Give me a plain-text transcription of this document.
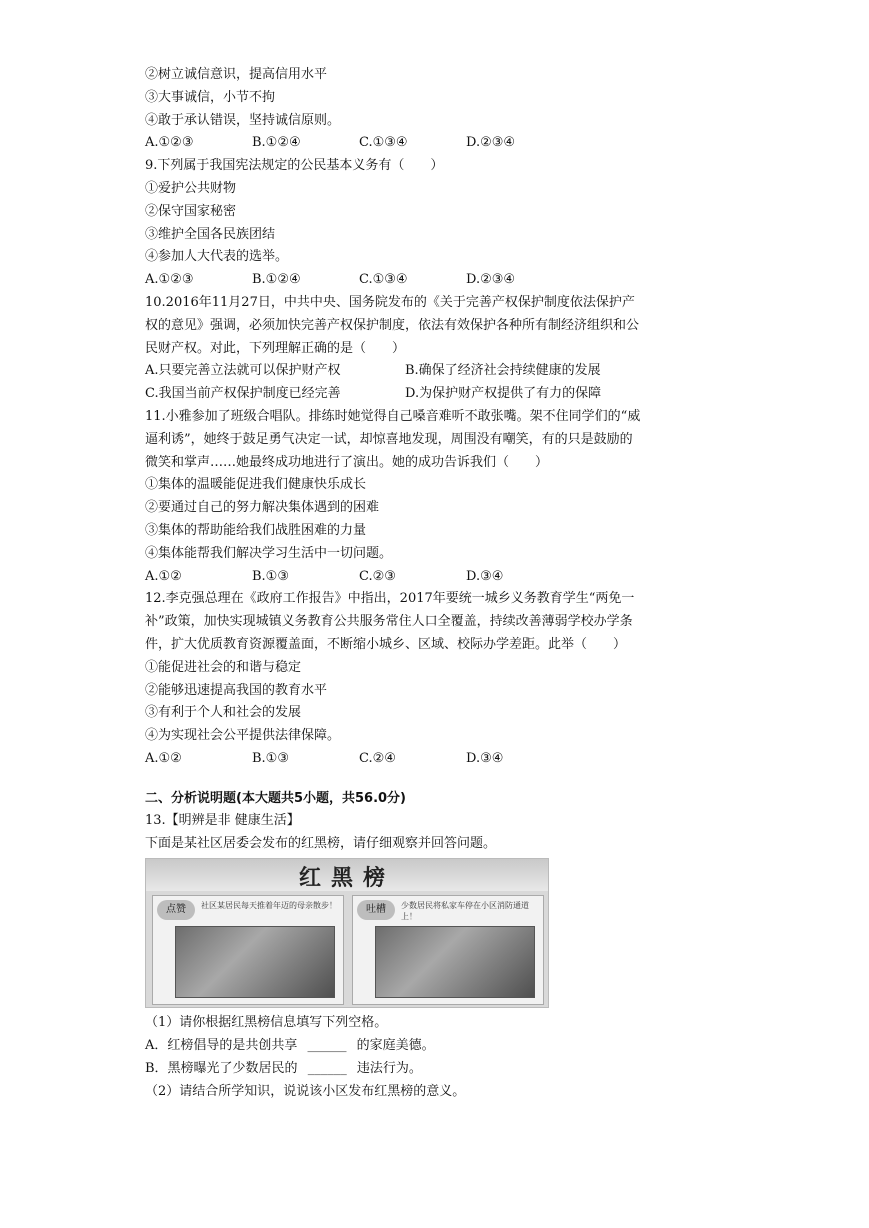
②树立诚信意识，提高信用水平
③大事诚信，小节不拘
④敢于承认错误，坚持诚信原则。
A.①②③	B.①②④	C.①③④	D.②③④
9.下列属于我国宪法规定的公民基本义务有（　　）
①爱护公共财物
②保守国家秘密
③维护全国各民族团结
④参加人大代表的选举。
A.①②③	B.①②④	C.①③④	D.②③④
10.2016年11月27日，中共中央、国务院发布的《关于完善产权保护制度依法保护产
权的意见》强调，必须加快完善产权保护制度，依法有效保护各种所有制经济组织和公
民财产权。对此，下列理解正确的是（　　）
A.只要完善立法就可以保护财产权	B.确保了经济社会持续健康的发展
C.我国当前产权保护制度已经完善	D.为保护财产权提供了有力的保障
11.小雅参加了班级合唱队。排练时她觉得自己嗓音难听不敢张嘴。架不住同学们的“威
逼利诱”，她终于鼓足勇气决定一试，却惊喜地发现，周围没有嘲笑，有的只是鼓励的
微笑和掌声……她最终成功地进行了演出。她的成功告诉我们（　　）
①集体的温暖能促进我们健康快乐成长
②要通过自己的努力解决集体遇到的困难
③集体的帮助能给我们战胜困难的力量
④集体能帮我们解决学习生活中一切问题。
A.①②	B.①③	C.②③	D.③④
12.李克强总理在《政府工作报告》中指出，2017年要统一城乡义务教育学生“两免一
补”政策，加快实现城镇义务教育公共服务常住人口全覆盖，持续改善薄弱学校办学条
件，扩大优质教育资源覆盖面，不断缩小城乡、区域、校际办学差距。此举（　　）
①能促进社会的和谐与稳定
②能够迅速提高我国的教育水平
③有利于个人和社会的发展
④为实现社会公平提供法律保障。
A.①②	B.①③	C.②④	D.③④
二、分析说明题(本大题共5小题，共56.0分)
13.【明辨是非 健康生活】
下面是某社区居委会发布的红黑榜，请仔细观察并回答问题。
红黑榜
点赞	社区某居民每天推着年迈的母亲散步！	吐槽	少数居民将私家车停在小区消防通道上！
（1）请你根据红黑榜信息填写下列空格。
A．红榜倡导的是共创共享 ______ 的家庭美德。
B．黑榜曝光了少数居民的 ______ 违法行为。
（2）请结合所学知识，说说该小区发布红黑榜的意义。
